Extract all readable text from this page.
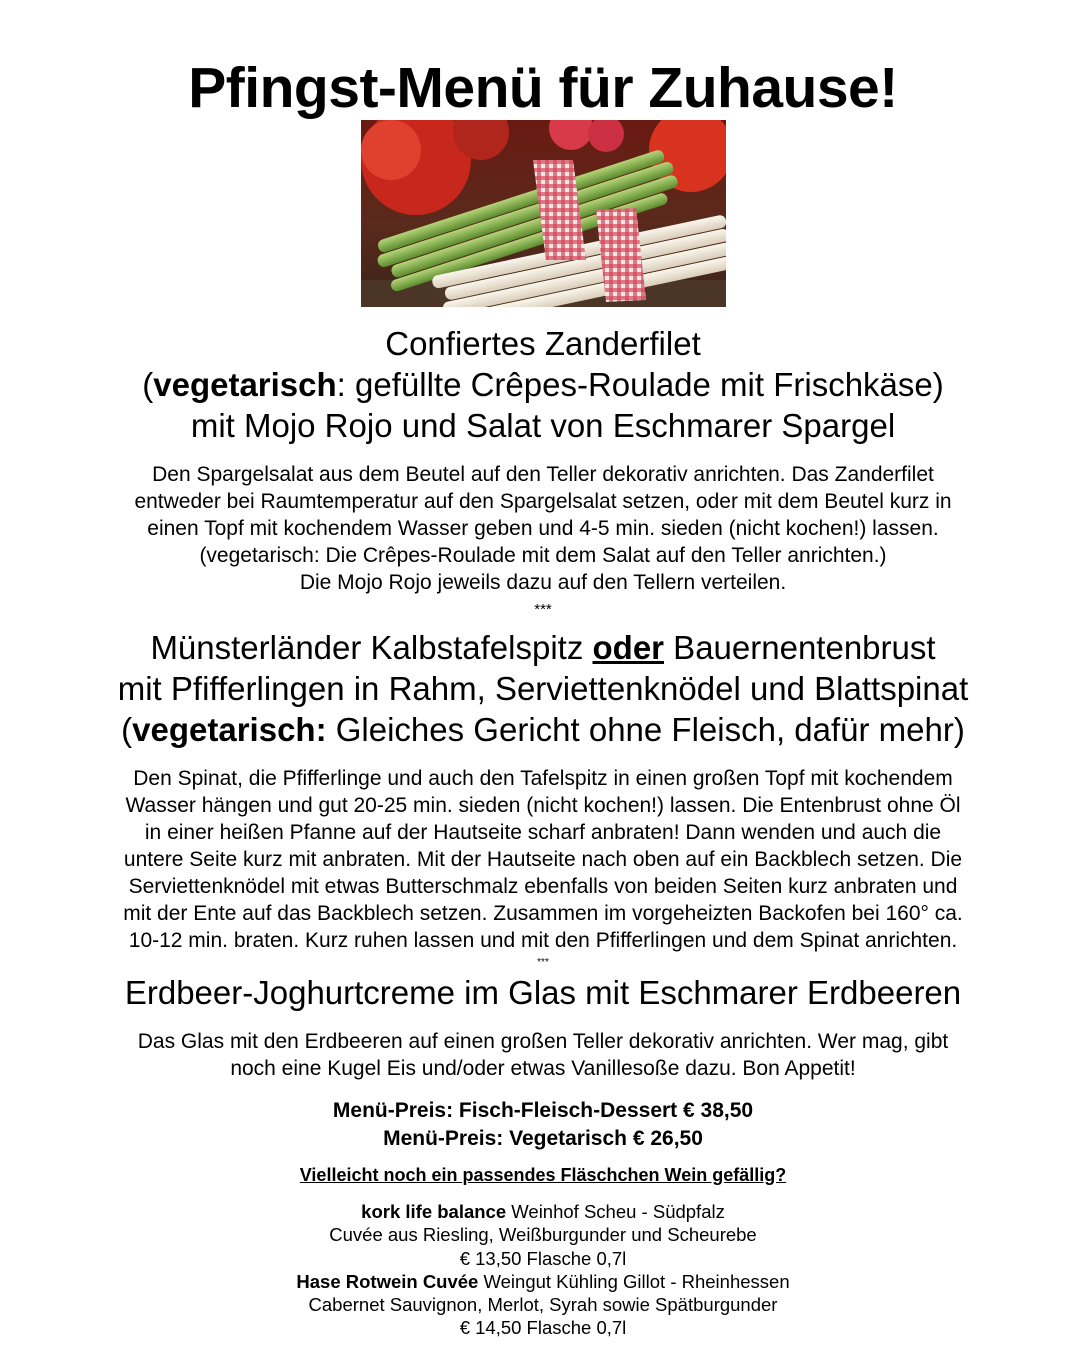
Pfingst-Menü für Zuhause!
Confiertes Zanderfilet
(vegetarisch: gefüllte Crêpes-Roulade mit Frischkäse)
mit Mojo Rojo und Salat von Eschmarer Spargel

Den Spargelsalat aus dem Beutel auf den Teller dekorativ anrichten. Das Zanderfilet
entweder bei Raumtemperatur auf den Spargelsalat setzen, oder mit dem Beutel kurz in
einen Topf mit kochendem Wasser geben und 4-5 min. sieden (nicht kochen!) lassen.
(vegetarisch: Die Crêpes-Roulade mit dem Salat auf den Teller anrichten.)
Die Mojo Rojo jeweils dazu auf den Tellern verteilen.

***
Münsterländer Kalbstafelspitz oder Bauernentenbrust
mit Pfifferlingen in Rahm, Serviettenknödel und Blattspinat
(vegetarisch: Gleiches Gericht ohne Fleisch, dafür mehr)

Den Spinat, die Pfifferlinge und auch den Tafelspitz in einen großen Topf mit kochendem
Wasser hängen und gut 20-25 min. sieden (nicht kochen!) lassen. Die Entenbrust ohne Öl
in einer heißen Pfanne auf der Hautseite scharf anbraten! Dann wenden und auch die
untere Seite kurz mit anbraten. Mit der Hautseite nach oben auf ein Backblech setzen. Die
Serviettenknödel mit etwas Butterschmalz ebenfalls von beiden Seiten kurz anbraten und
mit der Ente auf das Backblech setzen. Zusammen im vorgeheizten Backofen bei 160° ca.
10-12 min. braten. Kurz ruhen lassen und mit den Pfifferlingen und dem Spinat anrichten.

***
Erdbeer-Joghurtcreme im Glas mit Eschmarer Erdbeeren

Das Glas mit den Erdbeeren auf einen großen Teller dekorativ anrichten. Wer mag, gibt
noch eine Kugel Eis und/oder etwas Vanillesoße dazu. Bon Appetit!

Menü-Preis: Fisch-Fleisch-Dessert € 38,50
Menü-Preis: Vegetarisch € 26,50
Vielleicht noch ein passendes Fläschchen Wein gefällig?
kork life balance Weinhof Scheu - Südpfalz
Cuvée aus Riesling, Weißburgunder und Scheurebe
€ 13,50 Flasche 0,7l
Hase Rotwein Cuvée Weingut Kühling Gillot - Rheinhessen
Cabernet Sauvignon, Merlot, Syrah sowie Spätburgunder
€ 14,50 Flasche 0,7l
